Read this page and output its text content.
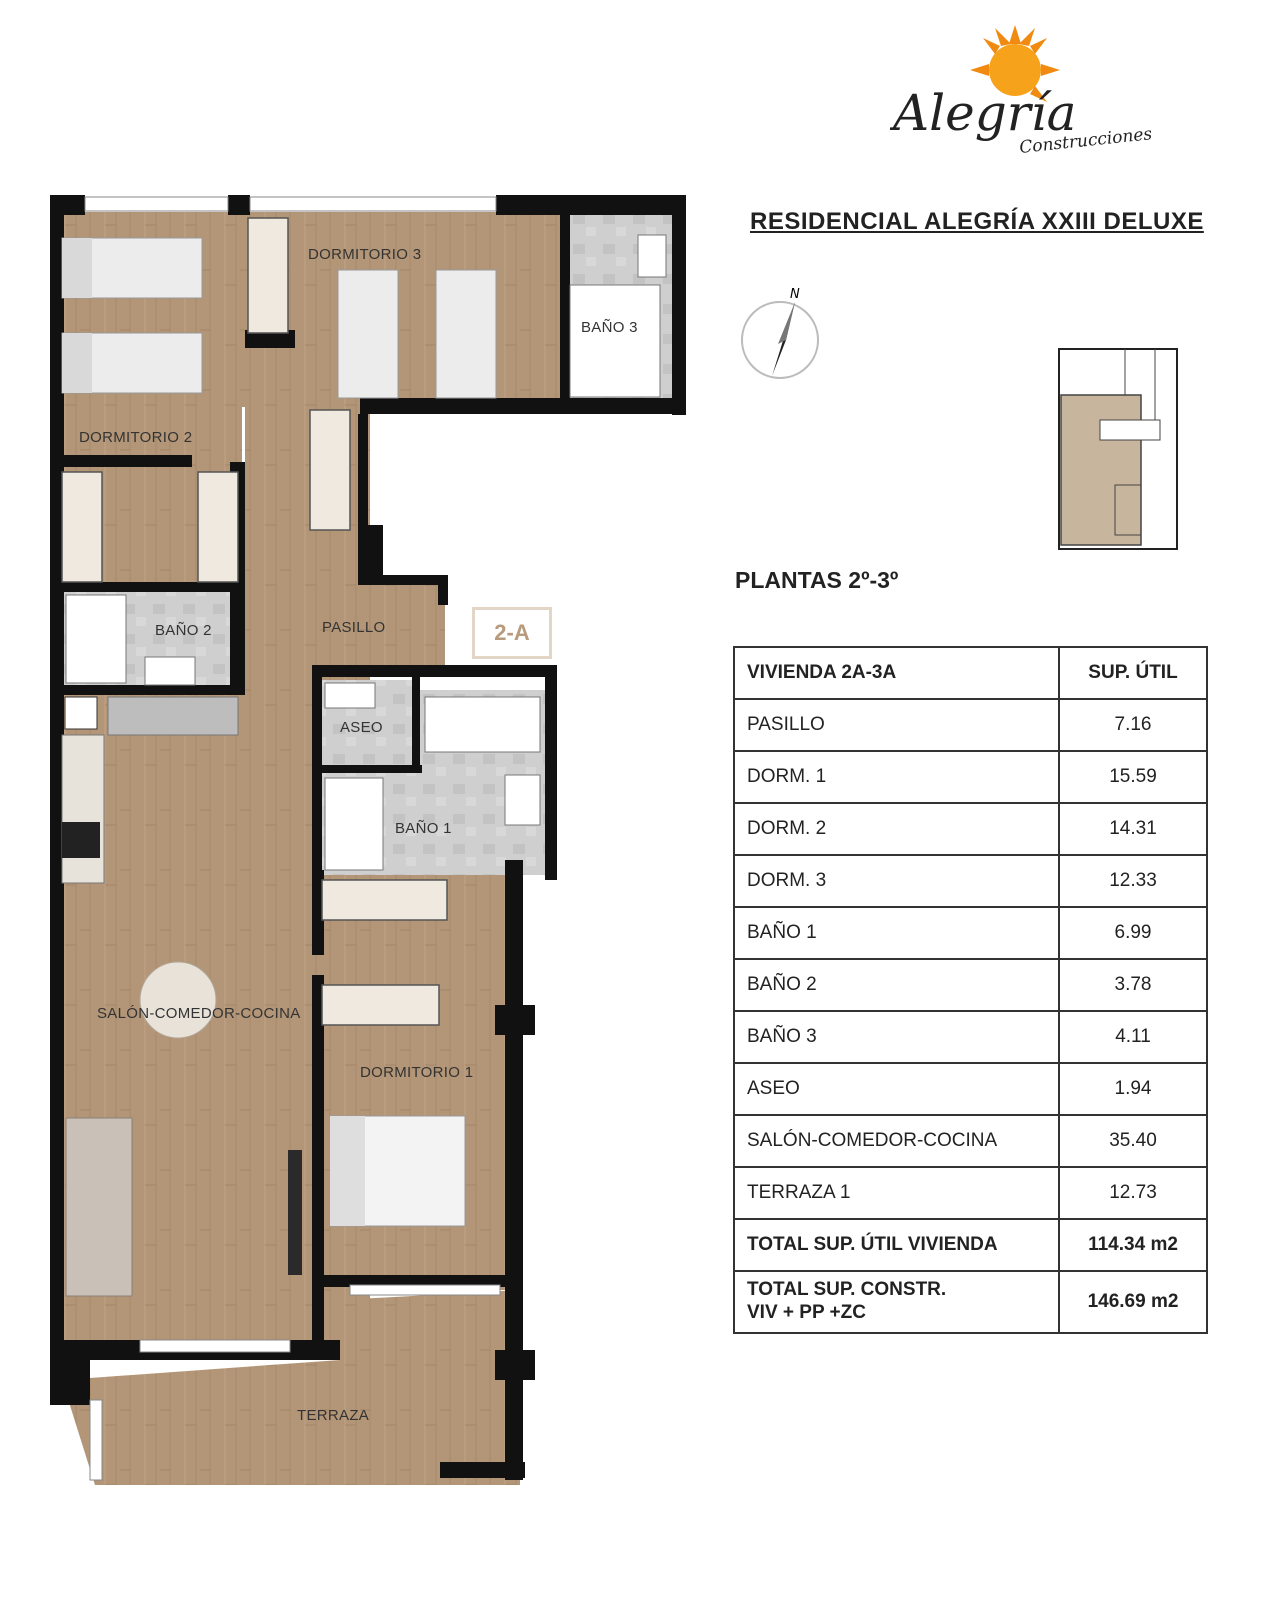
DORMITORIO 3
BAÑO 3
DORMITORIO 2
BAÑO 2	PASILLO
ASEO
BAÑO 1
SALÓN-COMEDOR-COCINA
DORMITORIO 1
TERRAZA
2-A
Alegría
Construcciones
RESIDENCIAL ALEGRÍA XXIII DELUXE
N
PLANTAS 2º-3º
VIVIENDA 2A-3A	SUP. ÚTIL
PASILLO	7.16
DORM. 1	15.59
DORM. 2	14.31
DORM. 3	12.33
BAÑO 1	6.99
BAÑO 2	3.78
BAÑO 3	4.11
ASEO	1.94
SALÓN-COMEDOR-COCINA	35.40
TERRAZA 1	12.73
TOTAL SUP. ÚTIL VIVIENDA	114.34 m2

TOTAL SUP. CONSTR.
VIV + PP +ZC	146.69 m2
